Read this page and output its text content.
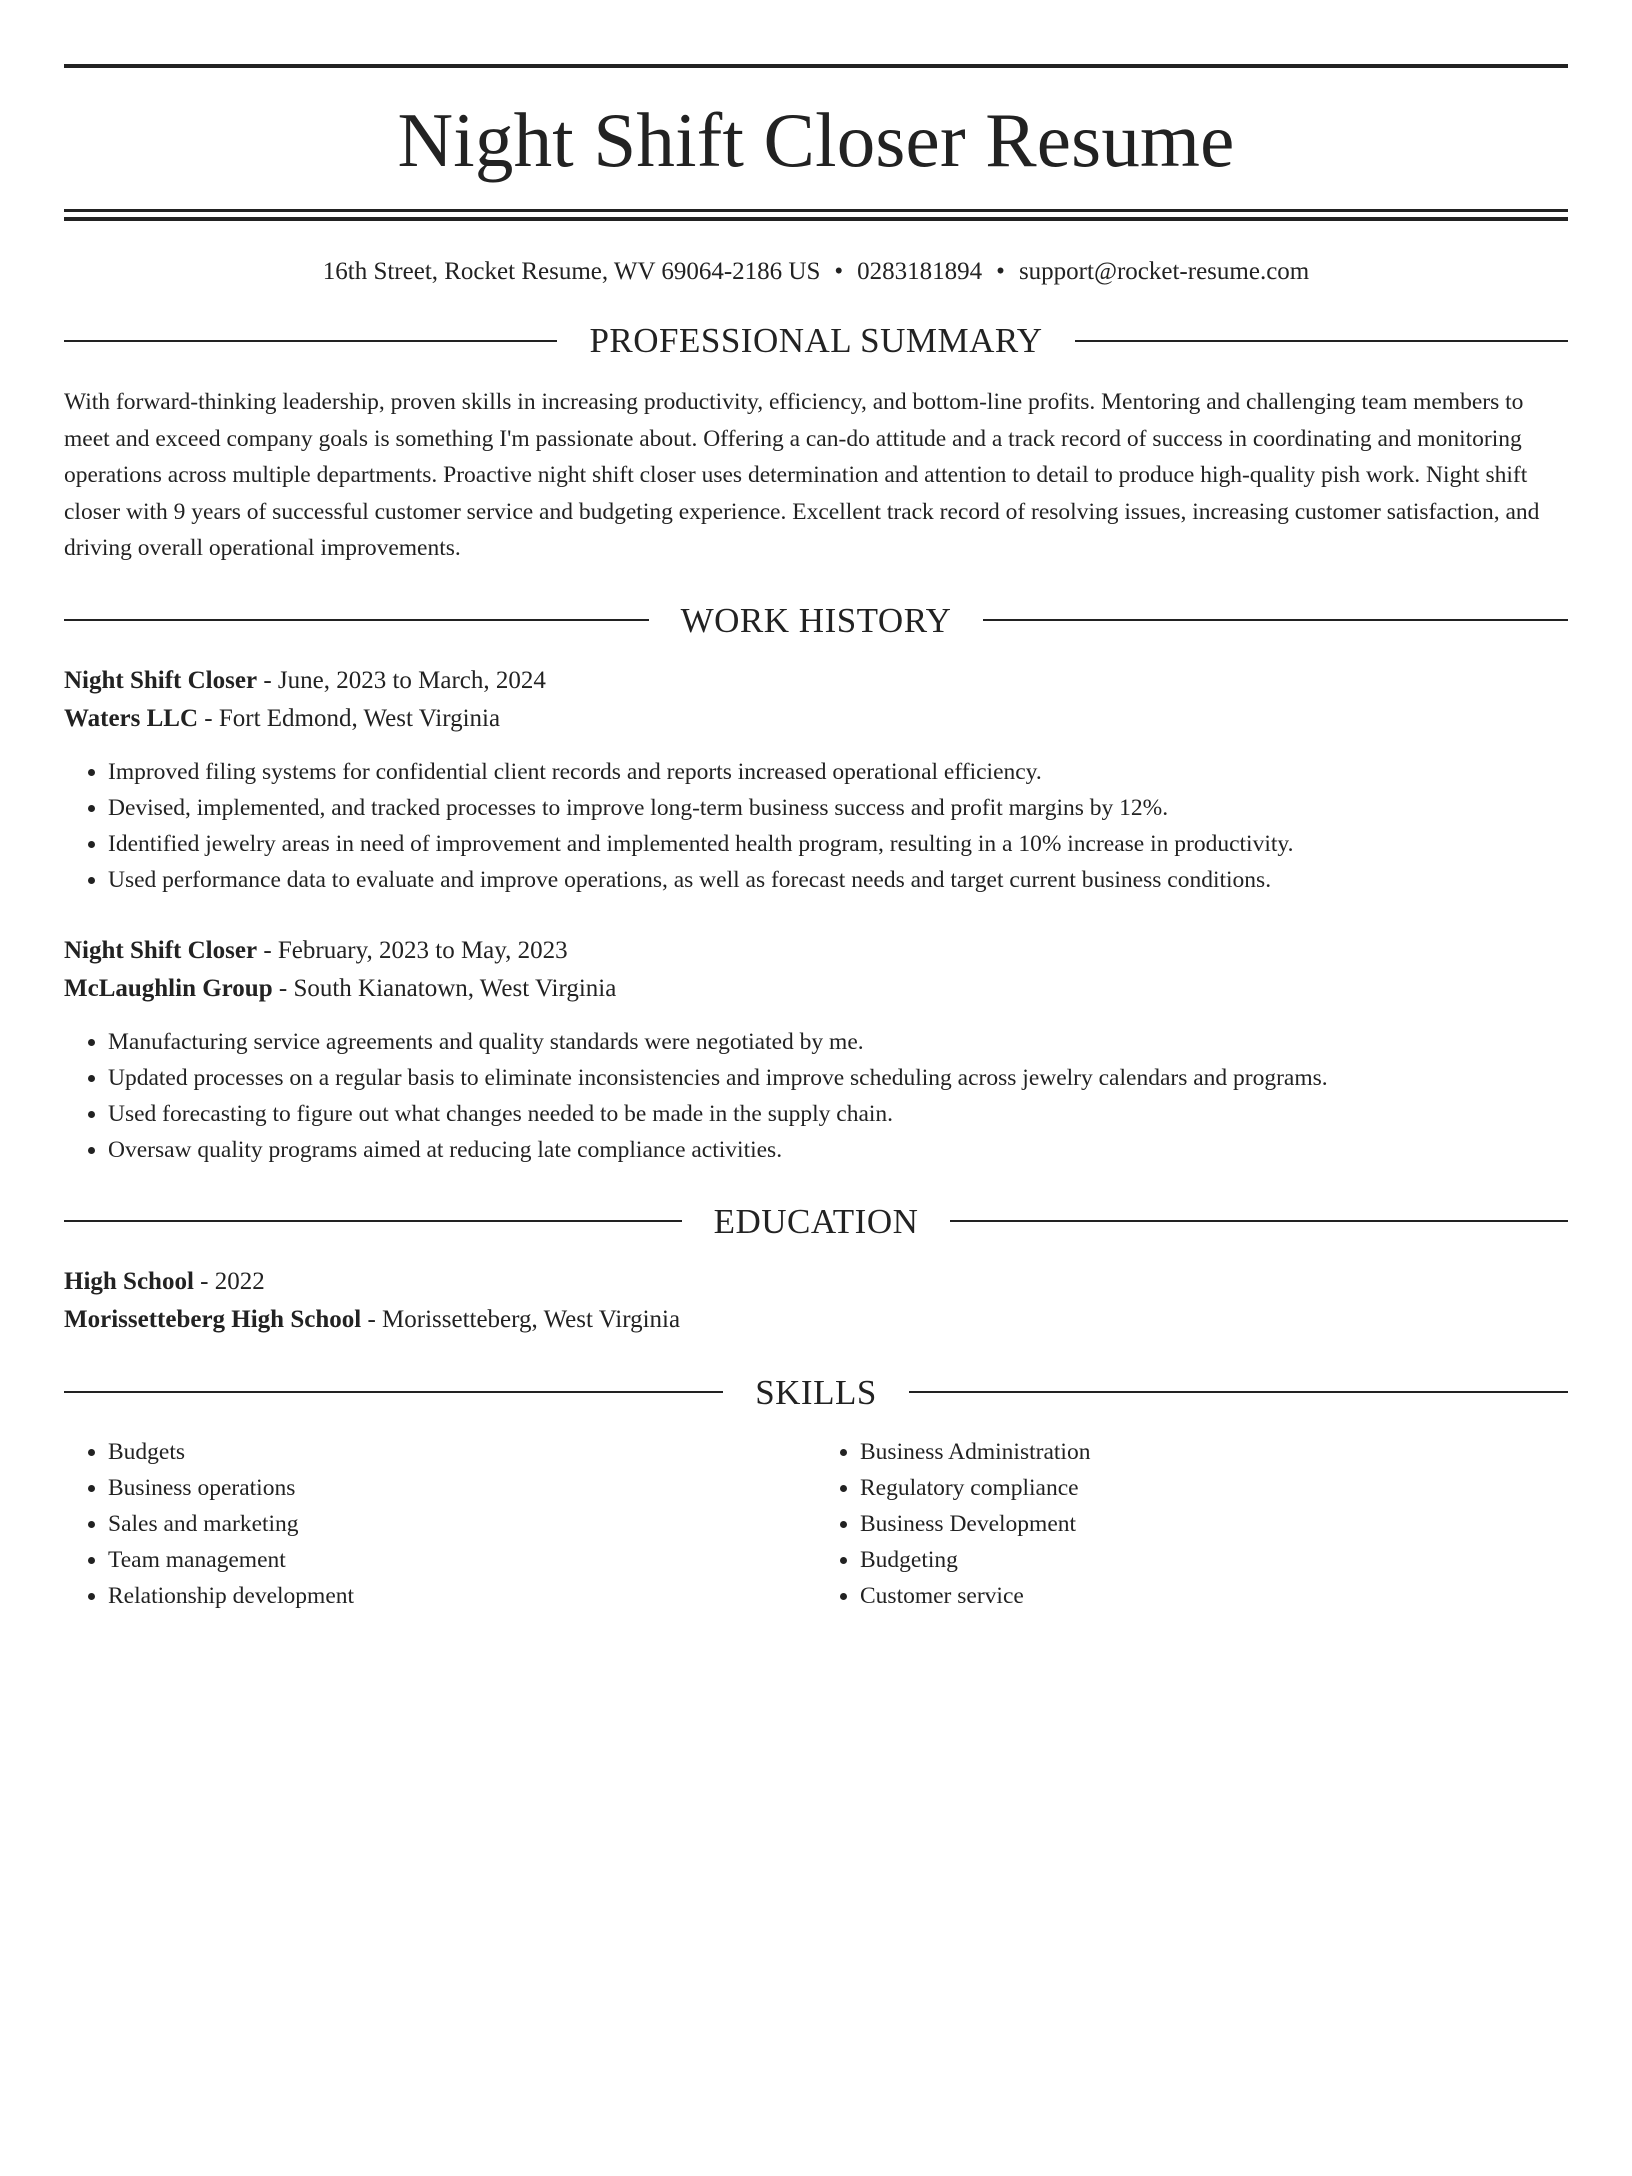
Night Shift Closer Resume
16th Street, Rocket Resume, WV 69064-2186 US • 0283181894 • support@rocket-resume.com
PROFESSIONAL SUMMARY
With forward-thinking leadership, proven skills in increasing productivity, efficiency, and bottom-line profits. Mentoring and challenging team members to meet and exceed company goals is something I'm passionate about. Offering a can-do attitude and a track record of success in coordinating and monitoring operations across multiple departments. Proactive night shift closer uses determination and attention to detail to produce high-quality pish work. Night shift closer with 9 years of successful customer service and budgeting experience. Excellent track record of resolving issues, increasing customer satisfaction, and driving overall operational improvements.
WORK HISTORY
Night Shift Closer - June, 2023 to March, 2024
Waters LLC - Fort Edmond, West Virginia
• Improved filing systems for confidential client records and reports increased operational efficiency.
• Devised, implemented, and tracked processes to improve long-term business success and profit margins by 12%.
• Identified jewelry areas in need of improvement and implemented health program, resulting in a 10% increase in productivity.
• Used performance data to evaluate and improve operations, as well as forecast needs and target current business conditions.
Night Shift Closer - February, 2023 to May, 2023
McLaughlin Group - South Kianatown, West Virginia
• Manufacturing service agreements and quality standards were negotiated by me.
• Updated processes on a regular basis to eliminate inconsistencies and improve scheduling across jewelry calendars and programs.
• Used forecasting to figure out what changes needed to be made in the supply chain.
• Oversaw quality programs aimed at reducing late compliance activities.
EDUCATION
High School - 2022
Morissetteberg High School - Morissetteberg, West Virginia
SKILLS
• Budgets
• Business operations
• Sales and marketing
• Team management
• Relationship development
• Business Administration
• Regulatory compliance
• Business Development
• Budgeting
• Customer service
